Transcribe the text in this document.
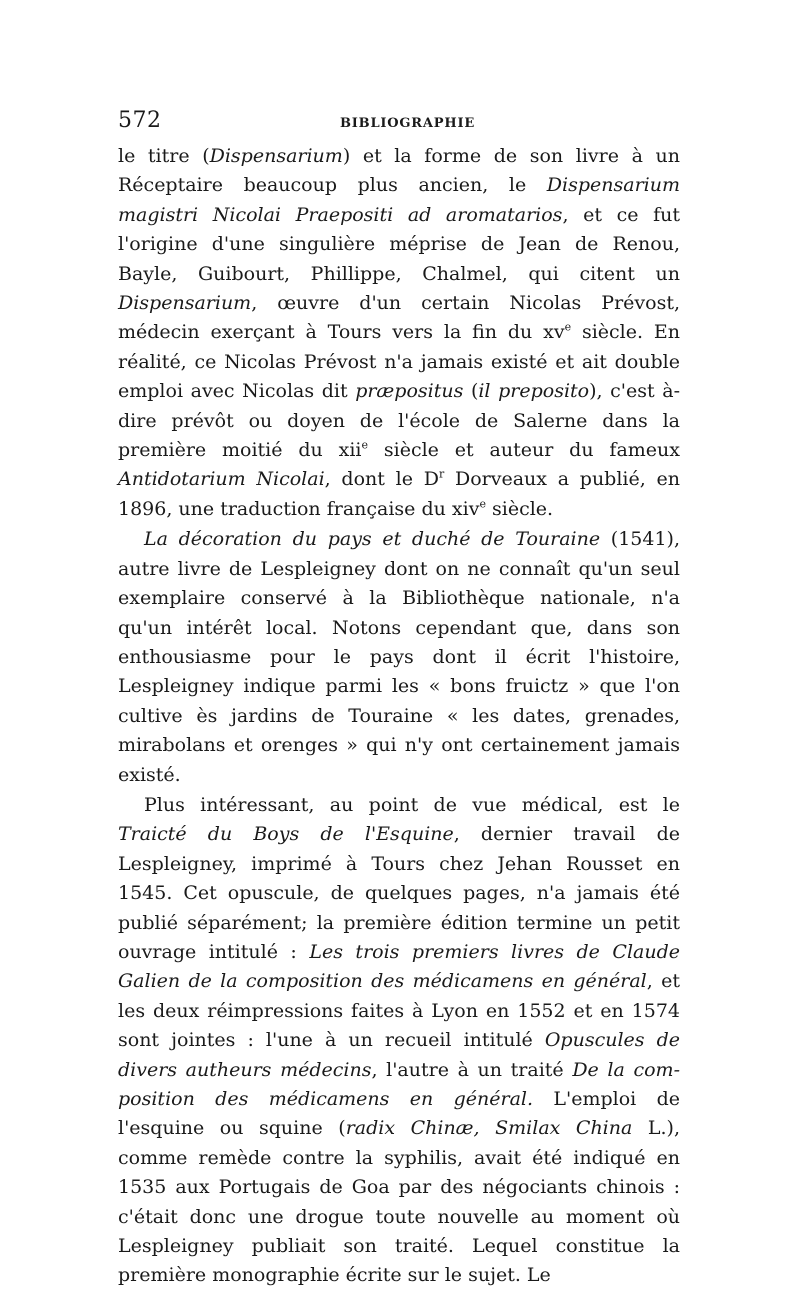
572	BIBLIOGRAPHIE

le titre (Dispensarium) et la forme de son livre à un Réceptaire beaucoup plus ancien, le Dispensarium magistri Nicolai Praepositi ad aromatarios, et ce fut l'origine d'une singulière méprise de Jean de Renou, Bayle, Guibourt, Phillippe, Chalmel, qui citent un Dispensarium, œuvre d'un certain Nicolas Prévost, médecin exerçant à Tours vers la fin du $xv^e$ siècle. En réalité, ce Nicolas Prévost n'a jamais existé et ait double emploi avec Nicolas dit præpositus (il preposito), c'est à-dire prévôt ou doyen de l'école de Salerne dans la première moitié du xii$^e$ siècle et auteur du fameux Antidotarium Nicolai, dont le $D^r$ Dorveaux a publié, en 1896, une traduction française du xiv$^e$ siècle.

La décoration du pays et duché de Touraine (1541), autre livre de Lespleigney dont on ne connaît qu'un seul exemplaire conservé à la Bibliothèque nationale, n'a qu'un intérêt local. Notons cependant que, dans son enthousiasme pour le pays dont il écrit l'histoire, Lespleigney indique parmi les « bons fruictz » que l'on cultive ès jardins de Touraine « les dates, grenades, mirabolans et orenges » qui n'y ont certainement jamais existé.

Plus intéressant, au point de vue médical, est le Traicté du Boys de l'Esquine, dernier travail de Lespleigney, imprimé à Tours chez Jehan Rousset en 1545. Cet opuscule, de quelques pages, n'a jamais été publié séparément; la première édition termine un petit ouvrage intitulé : Les trois premiers livres de Claude Galien de la composition des médicamens en général, et les deux réimpressions faites à Lyon en 1552 et en 1574 sont jointes : l'une à un recueil intitulé Opuscules de divers autheurs médecins, l'autre à un traité De la composition des médicamens en général. L'emploi de l'esquine ou squine (radix Chinæ, Smilax China L.), comme remède contre la syphilis, avait été indiqué en 1535 aux Portugais de Goa par des négociants chinois : c'était donc une drogue toute nouvelle au moment où Lespleigney publiait son traité. Lequel constitue la première monographie écrite sur le sujet. Le
